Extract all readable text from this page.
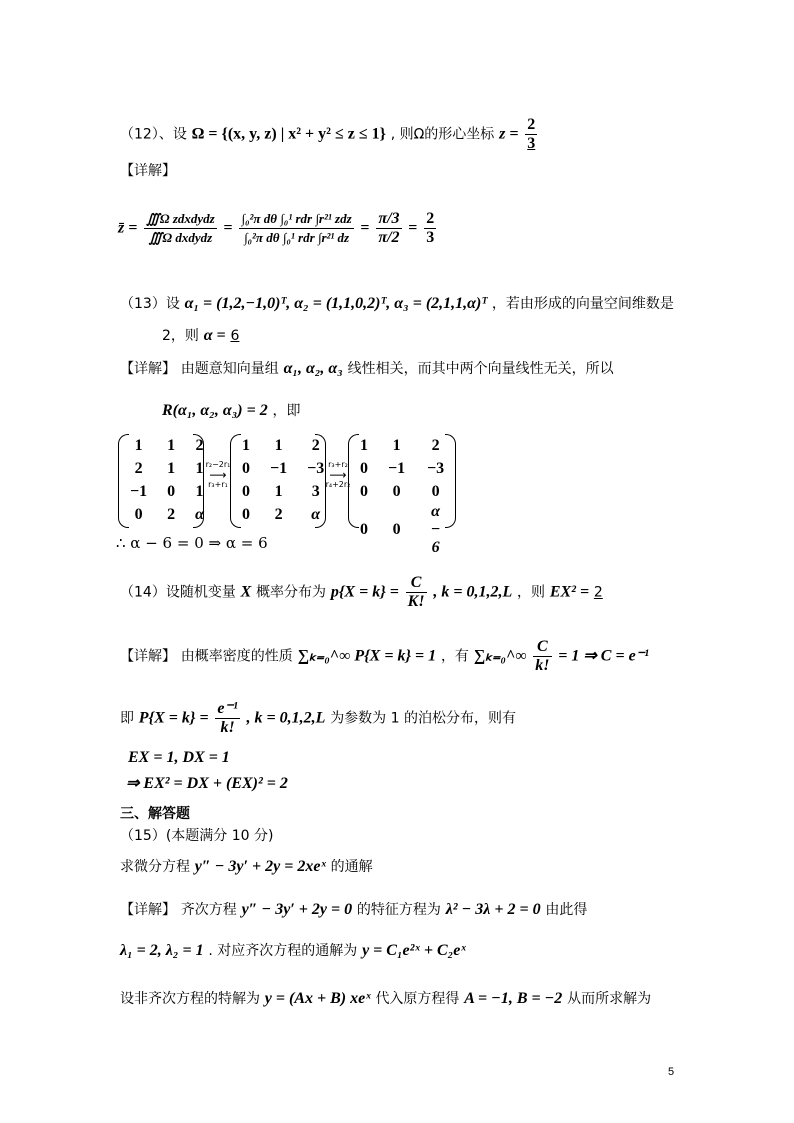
（12）、设 Ω = {(x, y, z) | x² + y² ≤ z ≤ 1} , 则Ω的形心坐标 $z = \frac{2}{3}$
【详解】
z̄ = $\frac{\text{∭Ω zdxdydz}}{\text{∭Ω dxdydz}} = \frac{\text{∫₀²π dθ ∫₀¹ rdr ∫r²¹ zdz}}{\text{∫₀²π dθ ∫₀¹ rdr ∫r²¹ dz}} = \frac{\pi/3}{\pi/2} = \frac{2}{3}$
（13）设 α₁ = (1,2,−1,0)ᵀ, α₂ = (1,1,0,2)ᵀ, α₃ = (2,1,1,α)ᵀ ，若由形成的向量空间维数是
2，则 α = 6
【详解】 由题意知向量组 α₁, α₂, α₃ 线性相关，而其中两个向量线性无关，所以
R(α₁, α₂, α₃) = 2 ，即
1	1	2
2	1	1
−1	0	1
0	2	α
r₂−2r₁
⟶
r₃+r₁
1	1	2
0	−1	−3
0	1	3
0	2	α
r₃+r₂
⟶
r₄+2r₂
1	1	2
0	−1	−3
0	0	0
0	0	α − 6
∴ α − 6 = 0 ⇒ α = 6
（14）设随机变量 X 概率分布为 $p\{X = k\} = \frac{C}{K!}$ , k = 0,1,2,L ，则 EX² = 2
【详解】 由概率密度的性质 ∑ₖ₌₀^∞ P{X = k} = 1 ，有 ∑ₖ₌₀^∞ $\frac{C}{k!} = 1$ ⇒ C = e⁻¹
即 $P\{X = k\} = \frac{\text{e⁻¹}}{k!}$ , k = 0,1,2,L 为参数为 1 的泊松分布，则有
EX = 1, DX = 1
⇒ EX² = DX + (EX)² = 2
三、解答题
（15）(本题满分 10 分)
求微分方程 y″ − 3y′ + 2y = 2xeˣ 的通解
【详解】 齐次方程 y″ − 3y′ + 2y = 0 的特征方程为 λ² − 3λ + 2 = 0 由此得
λ₁ = 2, λ₂ = 1 . 对应齐次方程的通解为 y = C₁e²ˣ + C₂eˣ
设非齐次方程的特解为 y = (Ax + B) xeˣ 代入原方程得 A = −1, B = −2 从而所求解为
5
